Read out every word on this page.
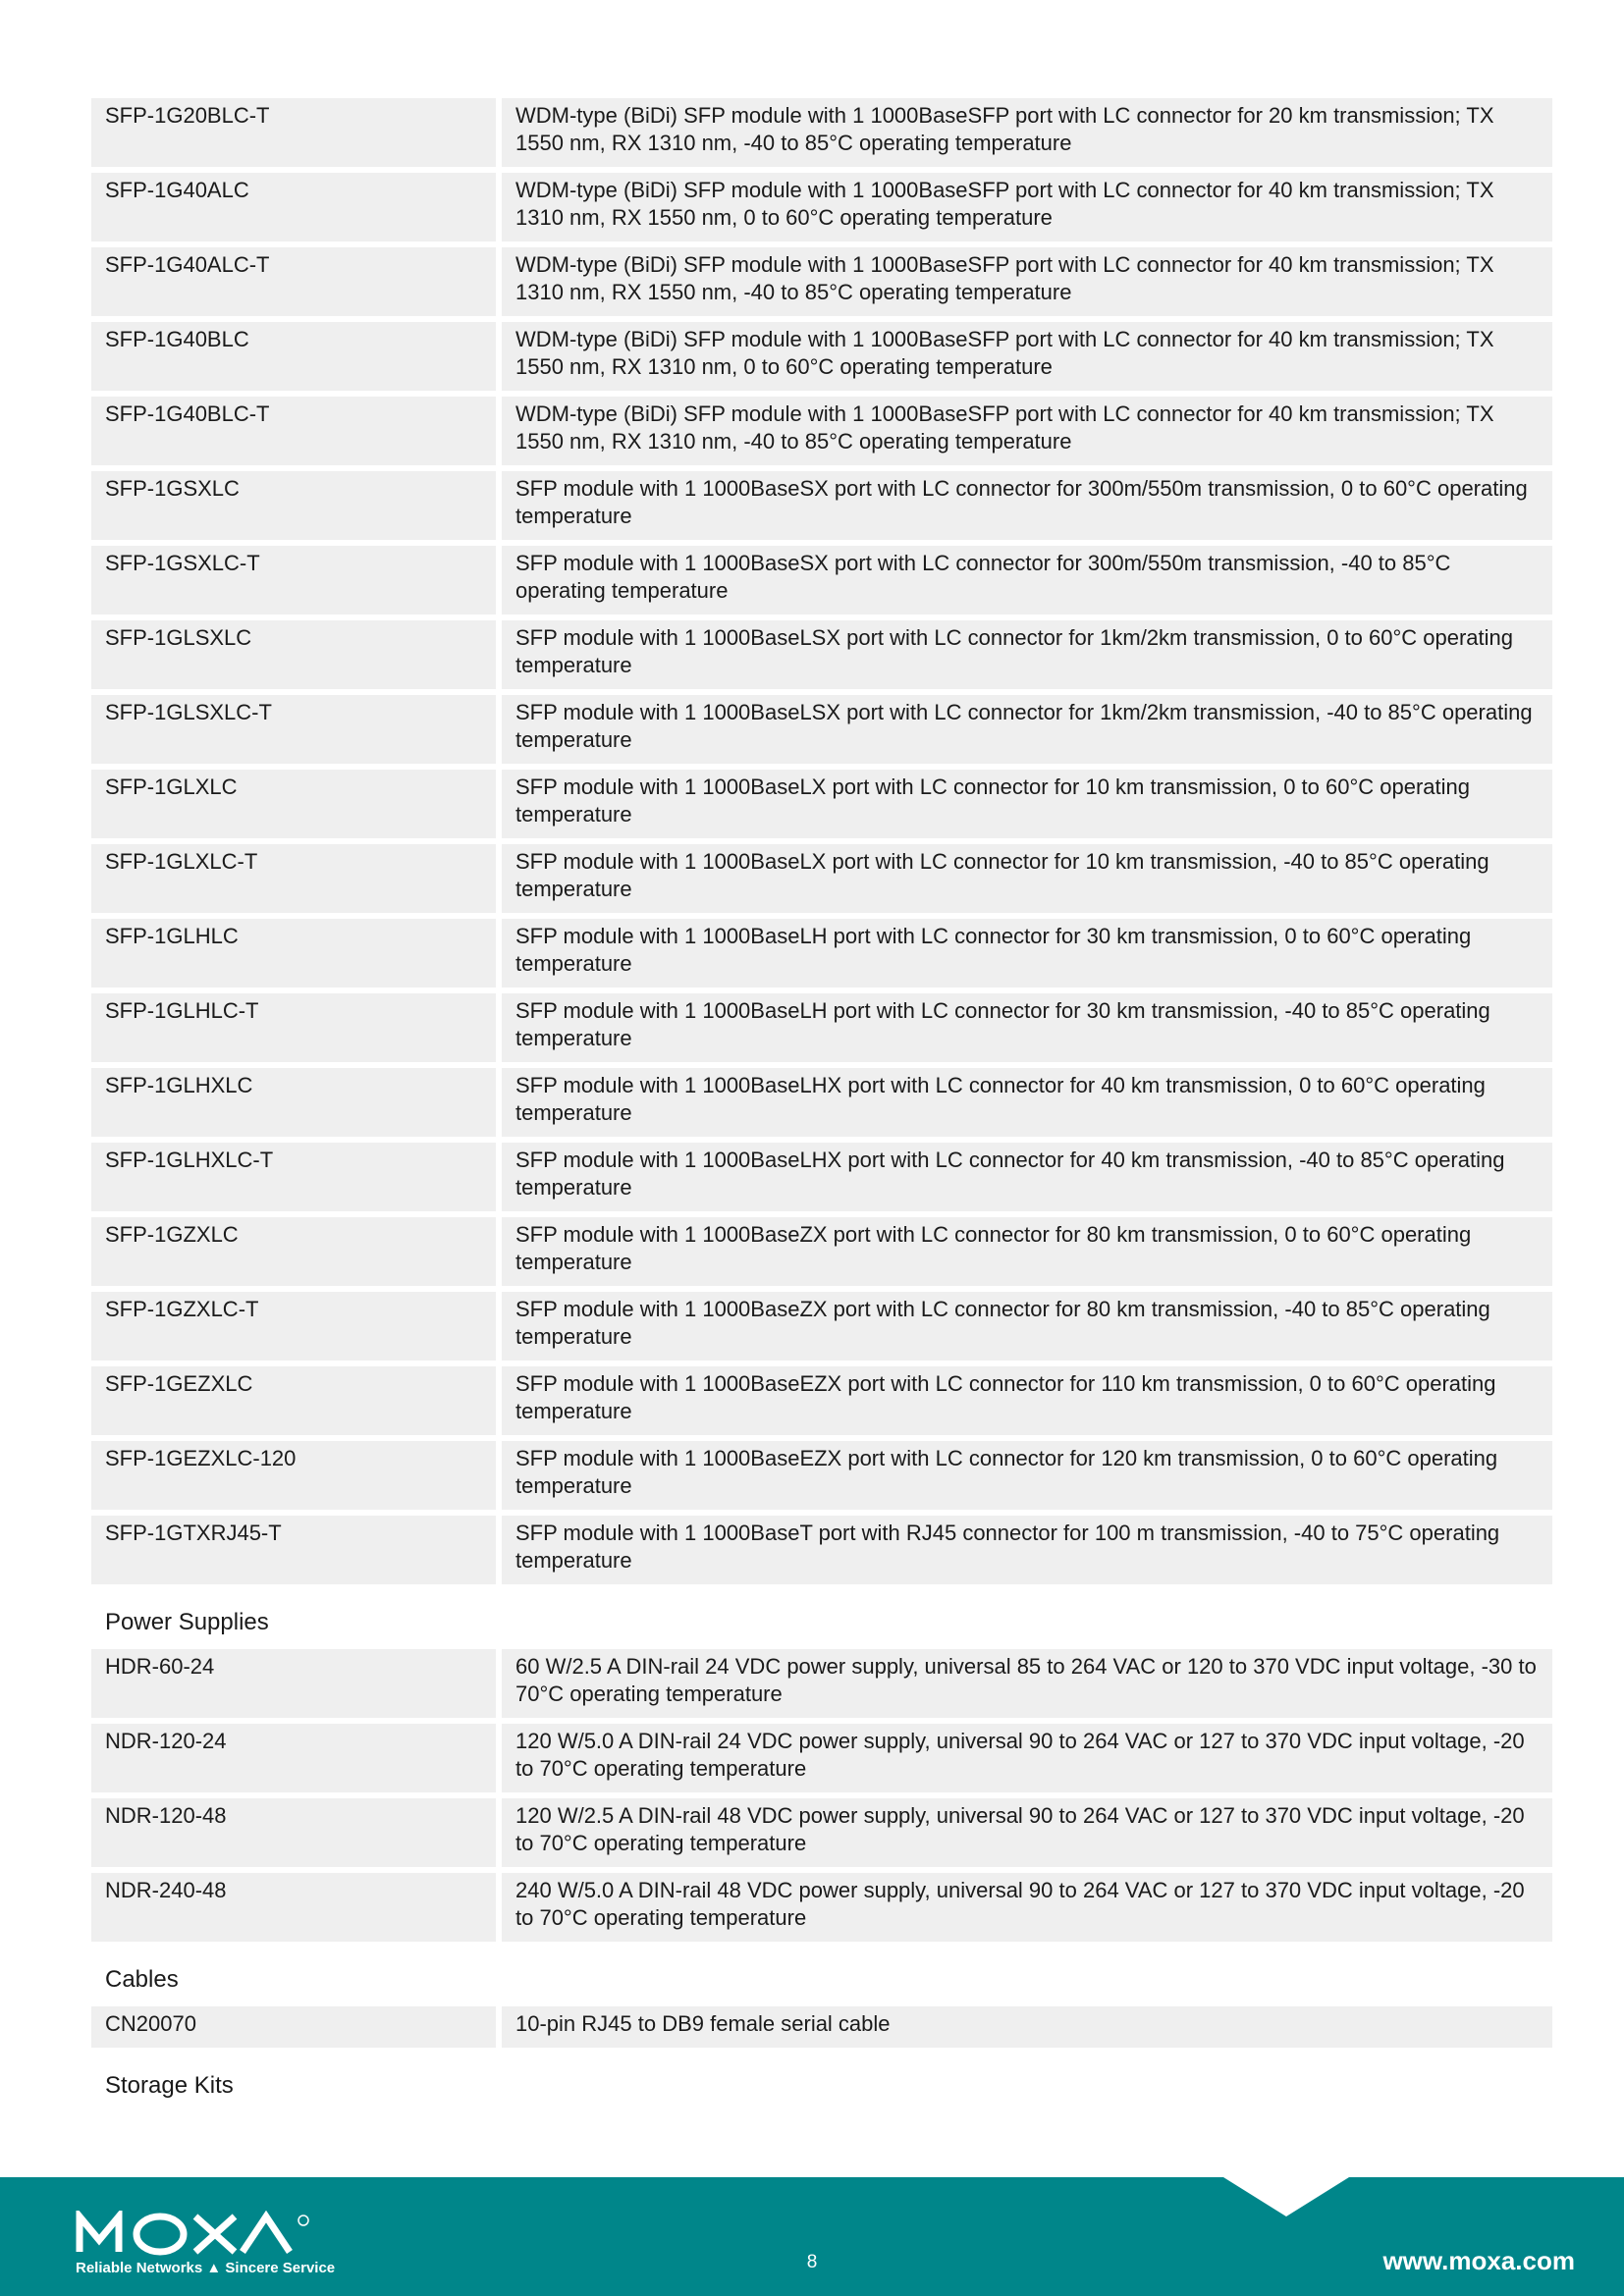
SFP-1G20BLC-T	WDM-type (BiDi) SFP module with 1 1000BaseSFP port with LC connector for 20 km transmission; TX 1550 nm, RX 1310 nm, -40 to 85°C operating temperature
SFP-1G40ALC	WDM-type (BiDi) SFP module with 1 1000BaseSFP port with LC connector for 40 km transmission; TX 1310 nm, RX 1550 nm, 0 to 60°C operating temperature
SFP-1G40ALC-T	WDM-type (BiDi) SFP module with 1 1000BaseSFP port with LC connector for 40 km transmission; TX 1310 nm, RX 1550 nm, -40 to 85°C operating temperature
SFP-1G40BLC	WDM-type (BiDi) SFP module with 1 1000BaseSFP port with LC connector for 40 km transmission; TX 1550 nm, RX 1310 nm, 0 to 60°C operating temperature
SFP-1G40BLC-T	WDM-type (BiDi) SFP module with 1 1000BaseSFP port with LC connector for 40 km transmission; TX 1550 nm, RX 1310 nm, -40 to 85°C operating temperature
SFP-1GSXLC	SFP module with 1 1000BaseSX port with LC connector for 300m/550m transmission, 0 to 60°C operating temperature
SFP-1GSXLC-T	SFP module with 1 1000BaseSX port with LC connector for 300m/550m transmission, -40 to 85°C operating temperature
SFP-1GLSXLC	SFP module with 1 1000BaseLSX port with LC connector for 1km/2km transmission, 0 to 60°C operating temperature
SFP-1GLSXLC-T	SFP module with 1 1000BaseLSX port with LC connector for 1km/2km transmission, -40 to 85°C operating temperature
SFP-1GLXLC	SFP module with 1 1000BaseLX port with LC connector for 10 km transmission, 0 to 60°C operating temperature
SFP-1GLXLC-T	SFP module with 1 1000BaseLX port with LC connector for 10 km transmission, -40 to 85°C operating temperature
SFP-1GLHLC	SFP module with 1 1000BaseLH port with LC connector for 30 km transmission, 0 to 60°C operating temperature
SFP-1GLHLC-T	SFP module with 1 1000BaseLH port with LC connector for 30 km transmission, -40 to 85°C operating temperature
SFP-1GLHXLC	SFP module with 1 1000BaseLHX port with LC connector for 40 km transmission, 0 to 60°C operating temperature
SFP-1GLHXLC-T	SFP module with 1 1000BaseLHX port with LC connector for 40 km transmission, -40 to 85°C operating temperature
SFP-1GZXLC	SFP module with 1 1000BaseZX port with LC connector for 80 km transmission, 0 to 60°C operating temperature
SFP-1GZXLC-T	SFP module with 1 1000BaseZX port with LC connector for 80 km transmission, -40 to 85°C operating temperature
SFP-1GEZXLC	SFP module with 1 1000BaseEZX port with LC connector for 110 km transmission, 0 to 60°C operating temperature
SFP-1GEZXLC-120	SFP module with 1 1000BaseEZX port with LC connector for 120 km transmission, 0 to 60°C operating temperature
SFP-1GTXRJ45-T	SFP module with 1 1000BaseT port with RJ45 connector for 100 m transmission, -40 to 75°C operating temperature
Power Supplies
HDR-60-24	60 W/2.5 A DIN-rail 24 VDC power supply, universal 85 to 264 VAC or 120 to 370 VDC input voltage, -30 to 70°C operating temperature
NDR-120-24	120 W/5.0 A DIN-rail 24 VDC power supply, universal 90 to 264 VAC or 127 to 370 VDC input voltage, -20 to 70°C operating temperature
NDR-120-48	120 W/2.5 A DIN-rail 48 VDC power supply, universal 90 to 264 VAC or 127 to 370 VDC input voltage, -20 to 70°C operating temperature
NDR-240-48	240 W/5.0 A DIN-rail 48 VDC power supply, universal 90 to 264 VAC or 127 to 370 VDC input voltage, -20 to 70°C operating temperature
Cables
CN20070	10-pin RJ45 to DB9 female serial cable
Storage Kits
Reliable Networks ▲ Sincere Service	8	www.moxa.com
